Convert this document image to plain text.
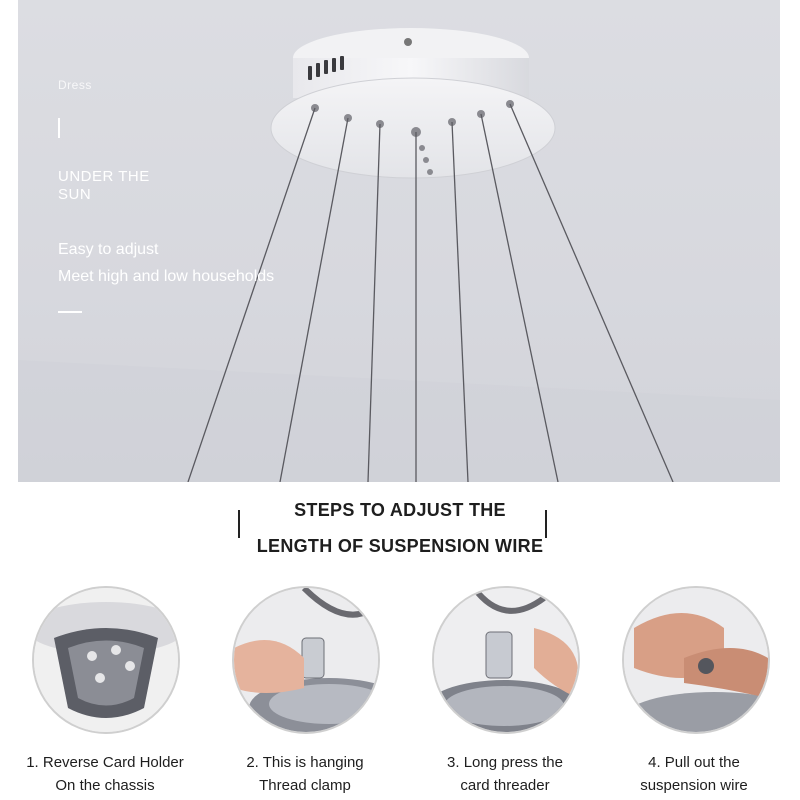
Dress
UNDER THE
SUN
Easy to adjust
Meet high and low households
STEPS TO ADJUST THE
LENGTH OF SUSPENSION WIRE
1. Reverse Card Holder
On the chassis
2. This is hanging
Thread clamp
3. Long press the
card threader
4. Pull out the
suspension wire
